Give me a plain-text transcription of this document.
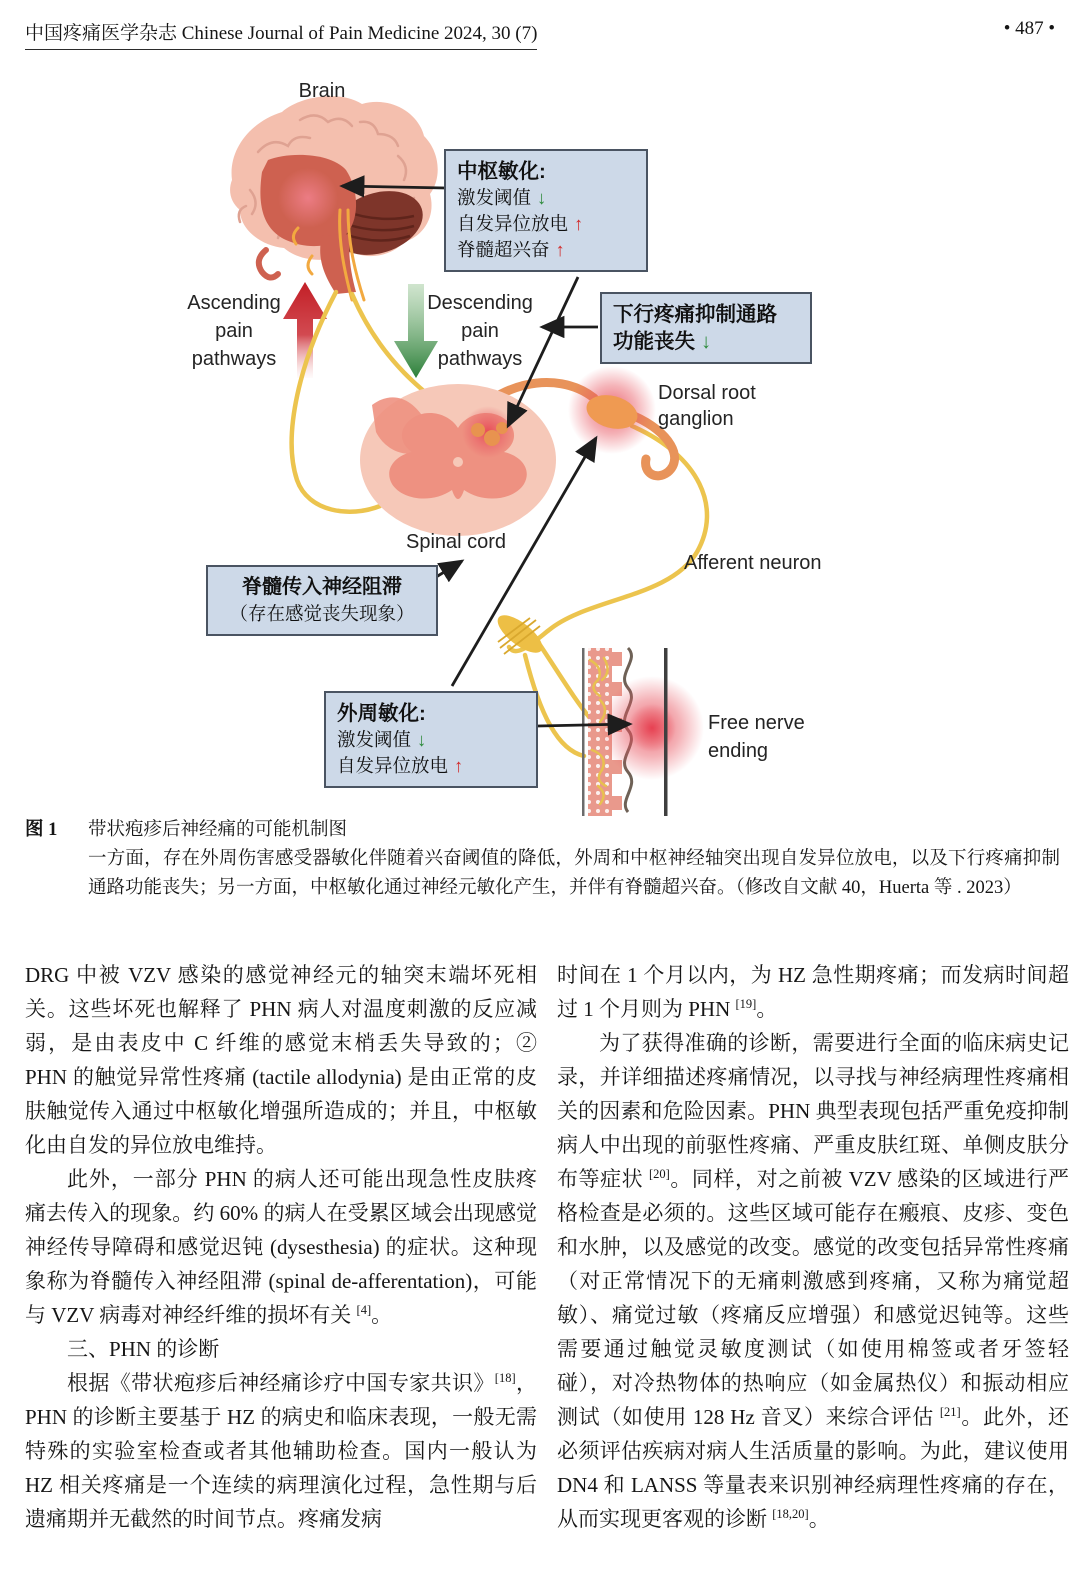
中国疼痛医学杂志 Chinese Journal of Pain Medicine 2024, 30 (7)	• 487 •
Brain
Ascending
pain
pathways
Descending
pain
pathways
Dorsal root
ganglion
Spinal cord
Afferent neuron
Free nerve
ending
中枢敏化:
激发阈值 ↓
自发异位放电 ↑
脊髓超兴奋 ↑
下行疼痛抑制通路
功能丧失 ↓
脊髓传入神经阻滞
（存在感觉丧失现象）
外周敏化:
激发阈值 ↓
自发异位放电 ↑
图 1	带状疱疹后神经痛的可能机制图
一方面，存在外周伤害感受器敏化伴随着兴奋阈值的降低，外周和中枢神经轴突出现自发异位放电，以及下行疼痛抑制通路功能丧失；另一方面，中枢敏化通过神经元敏化产生，并伴有脊髓超兴奋。（修改自文献 40，Huerta 等 . 2023）

DRG 中被 VZV 感染的感觉神经元的轴突末端坏死相关。这些坏死也解释了 PHN 病人对温度刺激的反应减弱，是由表皮中 C 纤维的感觉末梢丢失导致的；② PHN 的触觉异常性疼痛 (tactile allodynia) 是由正常的皮肤触觉传入通过中枢敏化增强所造成的；并且，中枢敏化由自发的异位放电维持。

此外，一部分 PHN 的病人还可能出现急性皮肤疼痛去传入的现象。约 60% 的病人在受累区域会出现感觉神经传导障碍和感觉迟钝 (dysesthesia) 的症状。这种现象称为脊髓传入神经阻滞 (spinal de-afferentation)，可能与 VZV 病毒对神经纤维的损坏有关 [4]。

三、PHN 的诊断

根据《带状疱疹后神经痛诊疗中国专家共识》[18]，PHN 的诊断主要基于 HZ 的病史和临床表现，一般无需特殊的实验室检查或者其他辅助检查。国内一般认为 HZ 相关疼痛是一个连续的病理演化过程，急性期与后遗痛期并无截然的时间节点。疼痛发病

时间在 1 个月以内，为 HZ 急性期疼痛；而发病时间超过 1 个月则为 PHN [19]。

为了获得准确的诊断，需要进行全面的临床病史记录，并详细描述疼痛情况，以寻找与神经病理性疼痛相关的因素和危险因素。PHN 典型表现包括严重免疫抑制病人中出现的前驱性疼痛、严重皮肤红斑、单侧皮肤分布等症状 [20]。同样，对之前被 VZV 感染的区域进行严格检查是必须的。这些区域可能存在瘢痕、皮疹、变色和水肿，以及感觉的改变。感觉的改变包括异常性疼痛（对正常情况下的无痛刺激感到疼痛，又称为痛觉超敏）、痛觉过敏（疼痛反应增强）和感觉迟钝等。这些需要通过触觉灵敏度测试（如使用棉签或者牙签轻碰），对冷热物体的热响应（如金属热仪）和振动相应测试（如使用 128 Hz 音叉）来综合评估 [21]。此外，还必须评估疾病对病人生活质量的影响。为此，建议使用 DN4 和 LANSS 等量表来识别神经病理性疼痛的存在，从而实现更客观的诊断 [18,20]。
